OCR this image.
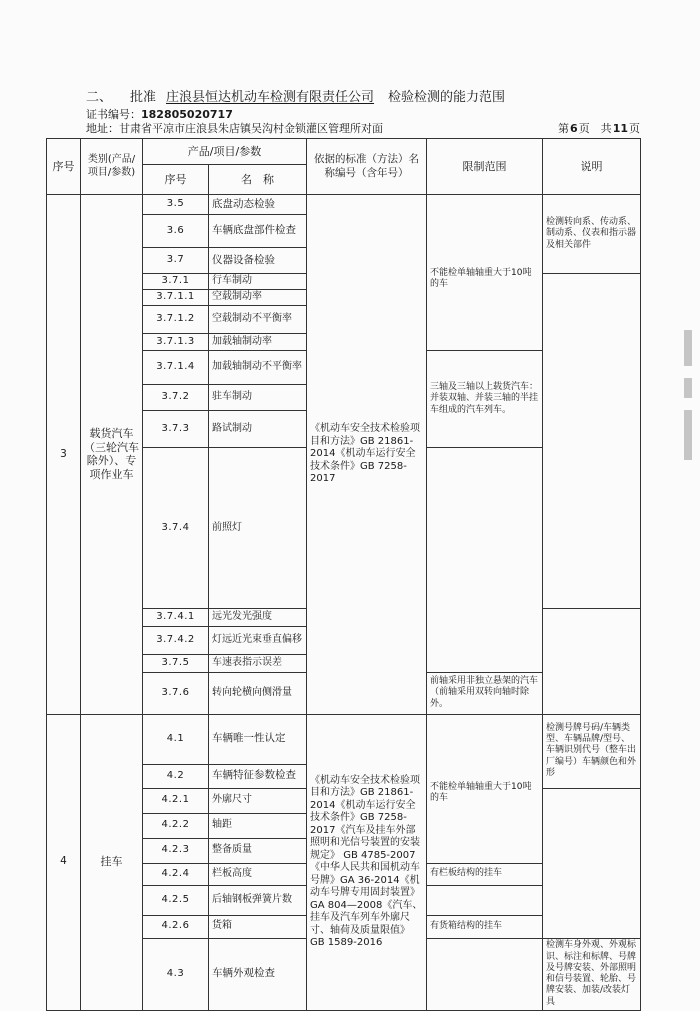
二、 批准 庄浪县恒达机动车检测有限责任公司 检验检测的能力范围
证书编号：182805020717
地址：甘肃省平凉市庄浪县朱店镇吴沟村金锁灌区管理所对面	第6页　共11页
序号	类别(产品/项目/参数)	产品/项目/参数		依据的标准（方法）名称编号（含年号）	限制范围	说明	
		序号	名　称				
3	载货汽车（三轮汽车除外）、专项作业车	3.5	底盘动态检验	《机动车安全技术检验项目和方法》GB 21861-2014《机动车运行安全技术条件》GB 7258-2017	不能检单轴轴重大于10吨的车	检测转向系、传动系、制动系、仪表和指示器及相关部件	
		3.6	车辆底盘部件检查				
		3.7	仪器设备检验				
		3.7.1	行车制动				
		3.7.1.1	空载制动率				
		3.7.1.2	空载制动不平衡率				
		3.7.1.3	加载轴制动率				
		3.7.1.4	加载轴制动不平衡率		三轴及三轴以上载货汽车：并装双轴、并装三轴的半挂车组成的汽车列车。		
		3.7.2	驻车制动				
		3.7.3	路试制动				
		3.7.4	前照灯		
		3.7.4.1	远光发光强度				
		3.7.4.2	灯远近光束垂直偏移				
		3.7.5	车速表指示误差				
		3.7.6	转向轮横向侧滑量		前轴采用非独立悬架的汽车（前轴采用双转向轴时除外。		
4	挂车	4.1	车辆唯一性认定	《机动车安全技术检验项目和方法》GB 21861-2014《机动车运行安全技术条件》GB 7258-2017《汽车及挂车外部照明和光信号装置的安装规定》 GB 4785-2007《中华人民共和国机动车号牌》GA 36-2014《机动车号牌专用固封装置》GA 804—2008《汽车、挂车及汽车列车外廓尺寸、轴荷及质量限值》GB 1589-2016	不能检单轴轴重大于10吨的车	检测号牌号码/车辆类型、车辆品牌/型号、车辆识别代号（整车出厂编号）车辆颜色和外形	
		4.2	车辆特征参数检查				
		4.2.1	外廓尺寸				
		4.2.2	轴距				
		4.2.3	整备质量				
		4.2.4	栏板高度		有栏板结构的挂车		
		4.2.5	后轴钢板弹簧片数				
		4.2.6	货箱		有货箱结构的挂车		
		4.3	车辆外观检查			检测车身外观、外观标识、标注和标牌、号牌及号牌安装、外部照明和信号装置、轮胎、号牌安装、加装/改装灯具	
